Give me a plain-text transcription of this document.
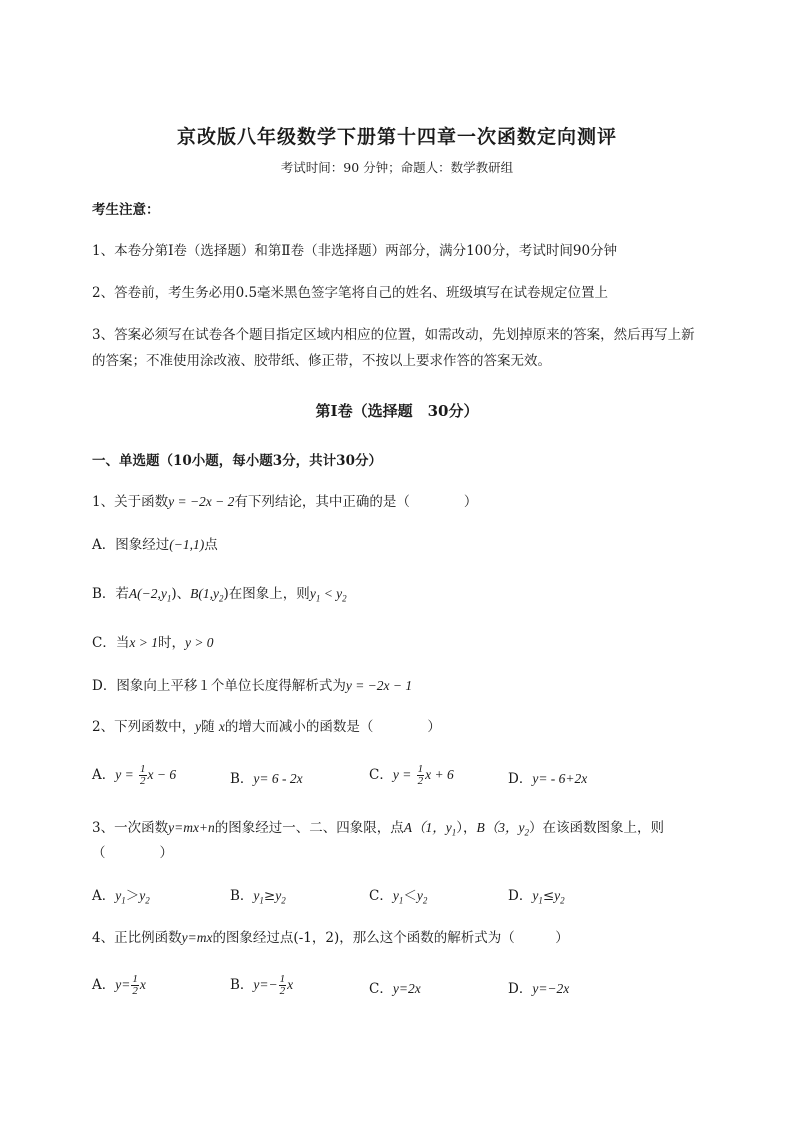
京改版八年级数学下册第十四章一次函数定向测评
考试时间：90 分钟；命题人：数学教研组
考生注意：
1、本卷分第Ⅰ卷（选择题）和第Ⅱ卷（非选择题）两部分，满分100分，考试时间90分钟
2、答卷前，考生务必用0.5毫米黑色签字笔将自己的姓名、班级填写在试卷规定位置上
3、答案必须写在试卷各个题目指定区域内相应的位置，如需改动，先划掉原来的答案，然后再写上新
的答案；不准使用涂改液、胶带纸、修正带，不按以上要求作答的答案无效。
第Ⅰ卷（选择题　30分）
一、单选题（10小题，每小题3分，共计30分）
1、关于函数y = −2x − 2有下列结论，其中正确的是（　　　　）
A．图象经过(−1,1)点
B．若$A(-2,y_1)$、$B(1,y_2)$在图象上，则$y_1 < y_2$
C．当x > 1时，y > 0
D．图象向上平移１个单位长度得解析式为y = −2x − 1
2、下列函数中，y随 x的增大而减小的函数是（　　　　）
A．$y = \frac{1}{2}$ x − 6	B．y= 6 - 2x	C．$y = \frac{1}{2}$ x + 6	D．y= - 6+2x
3、一次函数y=mx+n的图象经过一、二、四象限，点A（1，$y_1$），B（3，$y_2$）在该函数图象上，则
（　　　　）
A．$y_1>y_2$	B．$y_1\ge y_2$	C．$y_1<y_2$	D．$y_1\le y_2$
4、正比例函数y=mx的图象经过点(-1，2)，那么这个函数的解析式为（　　　）
A．$y= \frac{1}{2}$ x	B．$y=- \frac{1}{2}$ x	C．y=2x	D．y=−2x
